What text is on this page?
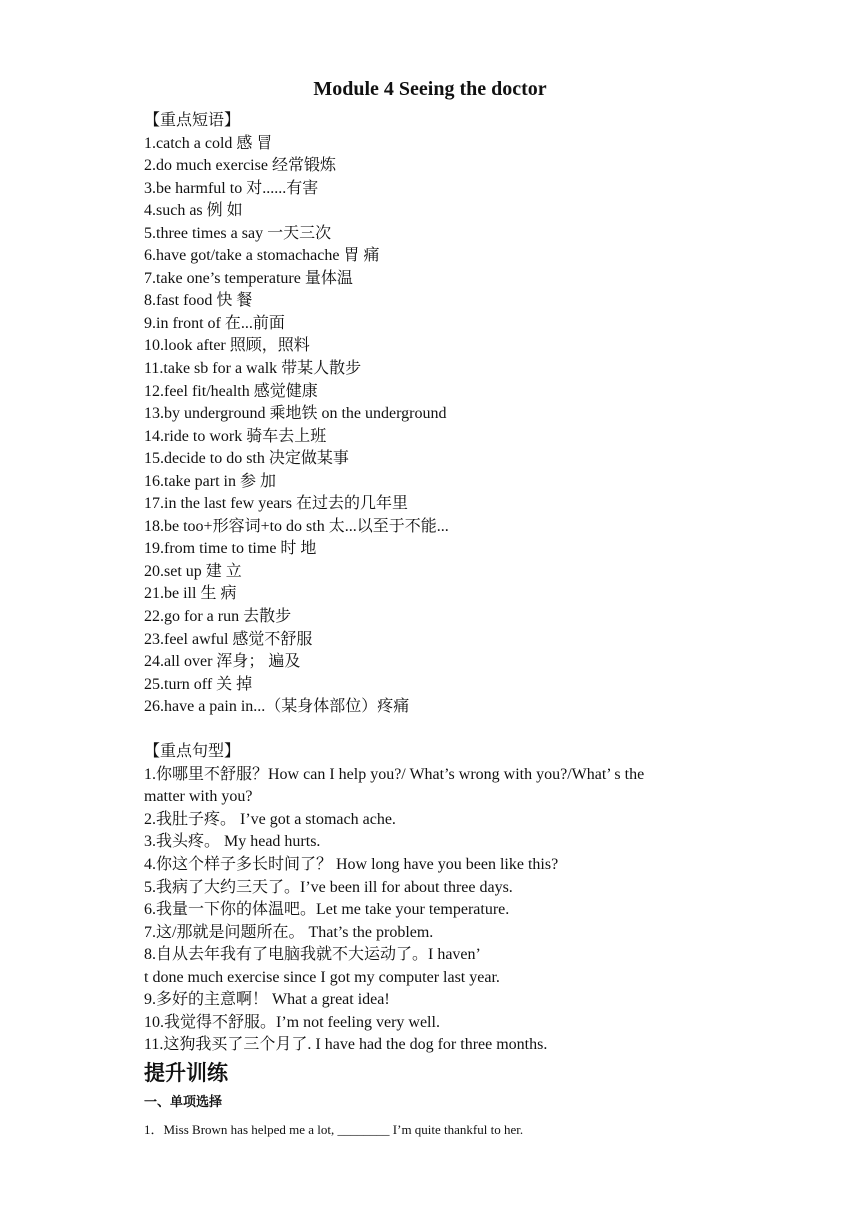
Module 4 Seeing the doctor
【重点短语】
1.catch a cold 感 冒
2.do much exercise 经常锻炼
3.be harmful to 对......有害
4.such as 例 如
5.three times a say 一天三次
6.have got/take a stomachache 胃 痛
7.take one’s temperature 量体温
8.fast food 快 餐
9.in front of 在...前面
10.look after 照顾，照料
11.take sb for a walk 带某人散步
12.feel fit/health 感觉健康
13.by underground 乘地铁 on the underground
14.ride to work 骑车去上班
15.decide to do sth 决定做某事
16.take part in 参 加
17.in the last few years 在过去的几年里
18.be too+形容词+to do sth 太...以至于不能...
19.from time to time 时 地
20.set up 建 立
21.be ill 生 病
22.go for a run 去散步
23.feel awful 感觉不舒服
24.all over 浑身； 遍及
25.turn off 关 掉
26.have a pain in...（某身体部位）疼痛
【重点句型】
1.你哪里不舒服？How can I help you?/ What’s wrong with you?/What’ s the
matter with you?
2.我肚子疼。 I’ve got a stomach ache.
3.我头疼。 My head hurts.
4.你这个样子多长时间了？ How long have you been like this?
5.我病了大约三天了。I’ve been ill for about three days.
6.我量一下你的体温吧。Let me take your temperature.
7.这/那就是问题所在。 That’s the problem.
8.自从去年我有了电脑我就不大运动了。I haven’
t done much exercise since I got my computer last year.
9.多好的主意啊！ What a great idea!
10.我觉得不舒服。I’m not feeling very well.
11.这狗我买了三个月了. I have had the dog for three months.
提升训练
一、单项选择
1．Miss Brown has helped me a lot, ________ I’m quite thankful to her.
